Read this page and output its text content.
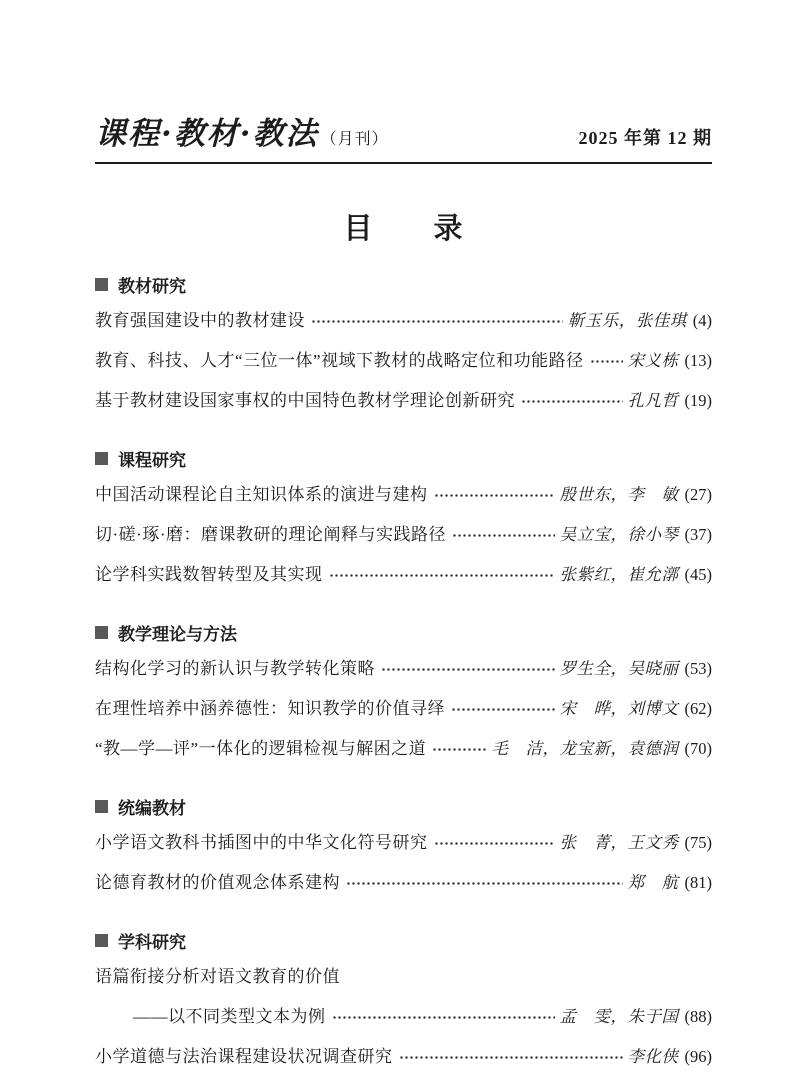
课程·教材·教法 （月刊）	2025 年第 12 期
目　　录
教材研究
教育强国建设中的教材建设	靳玉乐，张佳琪 (4)
教育、科技、人才“三位一体”视域下教材的战略定位和功能路径	宋义栋 (13)
基于教材建设国家事权的中国特色教材学理论创新研究	孔凡哲 (19)
课程研究
中国活动课程论自主知识体系的演进与建构	殷世东，李　敏 (27)
切·磋·琢·磨：磨课教研的理论阐释与实践路径	吴立宝，徐小琴 (37)
论学科实践数智转型及其实现	张紫红，崔允漷 (45)
教学理论与方法
结构化学习的新认识与教学转化策略	罗生全，吴晓丽 (53)
在理性培养中涵养德性：知识教学的价值寻绎	宋　晔，刘博文 (62)
“教—学—评”一体化的逻辑检视与解困之道	毛　洁，龙宝新，袁德润 (70)
统编教材
小学语文教科书插图中的中华文化符号研究	张　菁，王文秀 (75)
论德育教材的价值观念体系建构	郑　航 (81)
学科研究
语篇衔接分析对语文教育的价值
——以不同类型文本为例	孟　雯，朱于国 (88)
小学道德与法治课程建设状况调查研究	李化侠 (96)
